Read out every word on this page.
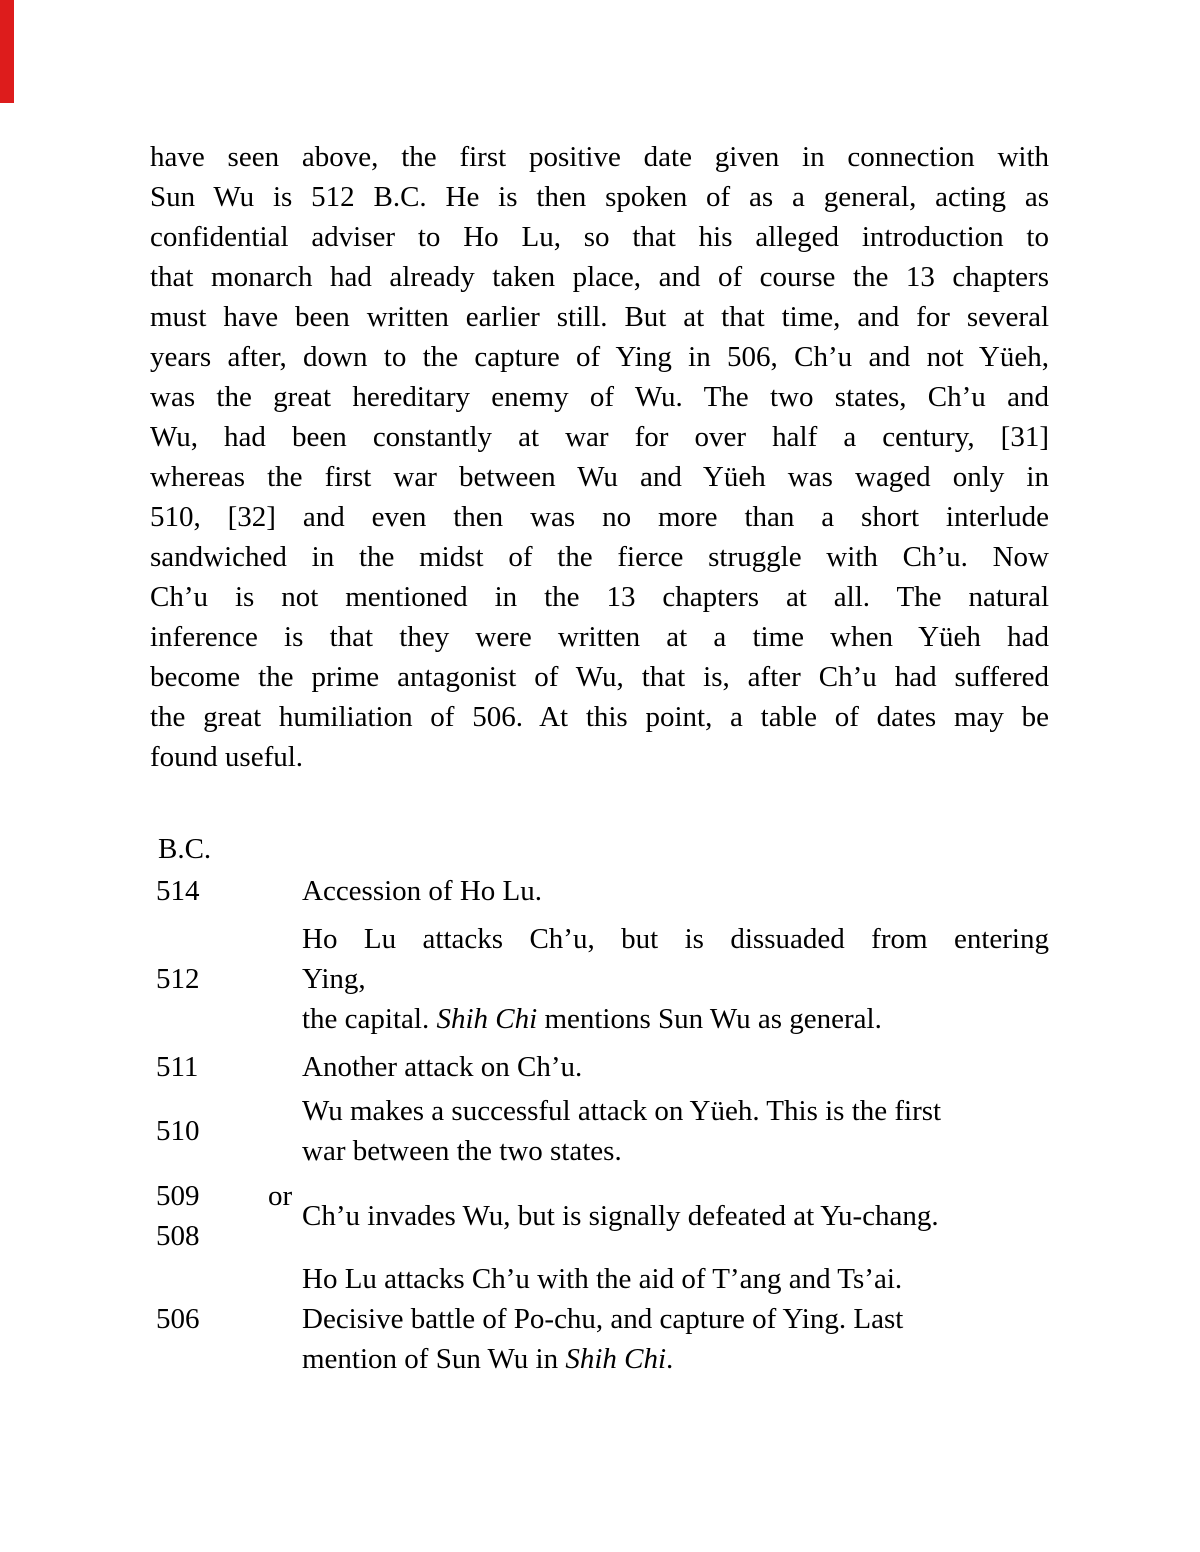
have seen above, the first positive date given in connection with
Sun Wu is 512 B.C. He is then spoken of as a general, acting as
confidential adviser to Ho Lu, so that his alleged introduction to
that monarch had already taken place, and of course the 13 chapters
must have been written earlier still. But at that time, and for several
years after, down to the capture of Ying in 506, Ch’u and not Yüeh,
was the great hereditary enemy of Wu. The two states, Ch’u and
Wu, had been constantly at war for over half a century, [31]
whereas the first war between Wu and Yüeh was waged only in
510, [32] and even then was no more than a short interlude
sandwiched in the midst of the fierce struggle with Ch’u. Now
Ch’u is not mentioned in the 13 chapters at all. The natural
inference is that they were written at a time when Yüeh had
become the prime antagonist of Wu, that is, after Ch’u had suffered
the great humiliation of 506. At this point, a table of dates may be
found useful.
B.C.
514	Accession of Ho Lu.
512
Ho Lu attacks Ch’u, but is dissuaded from entering
Ying,
the capital. Shih Chi mentions Sun Wu as general.
511	Another attack on Ch’u.
510
Wu makes a successful attack on Yüeh. This is the first
war between the two states.
509
508
or
Ch’u invades Wu, but is signally defeated at Yu-chang.
506
Ho Lu attacks Ch’u with the aid of T’ang and Ts’ai.
Decisive battle of Po-chu, and capture of Ying. Last
mention of Sun Wu in Shih Chi.
